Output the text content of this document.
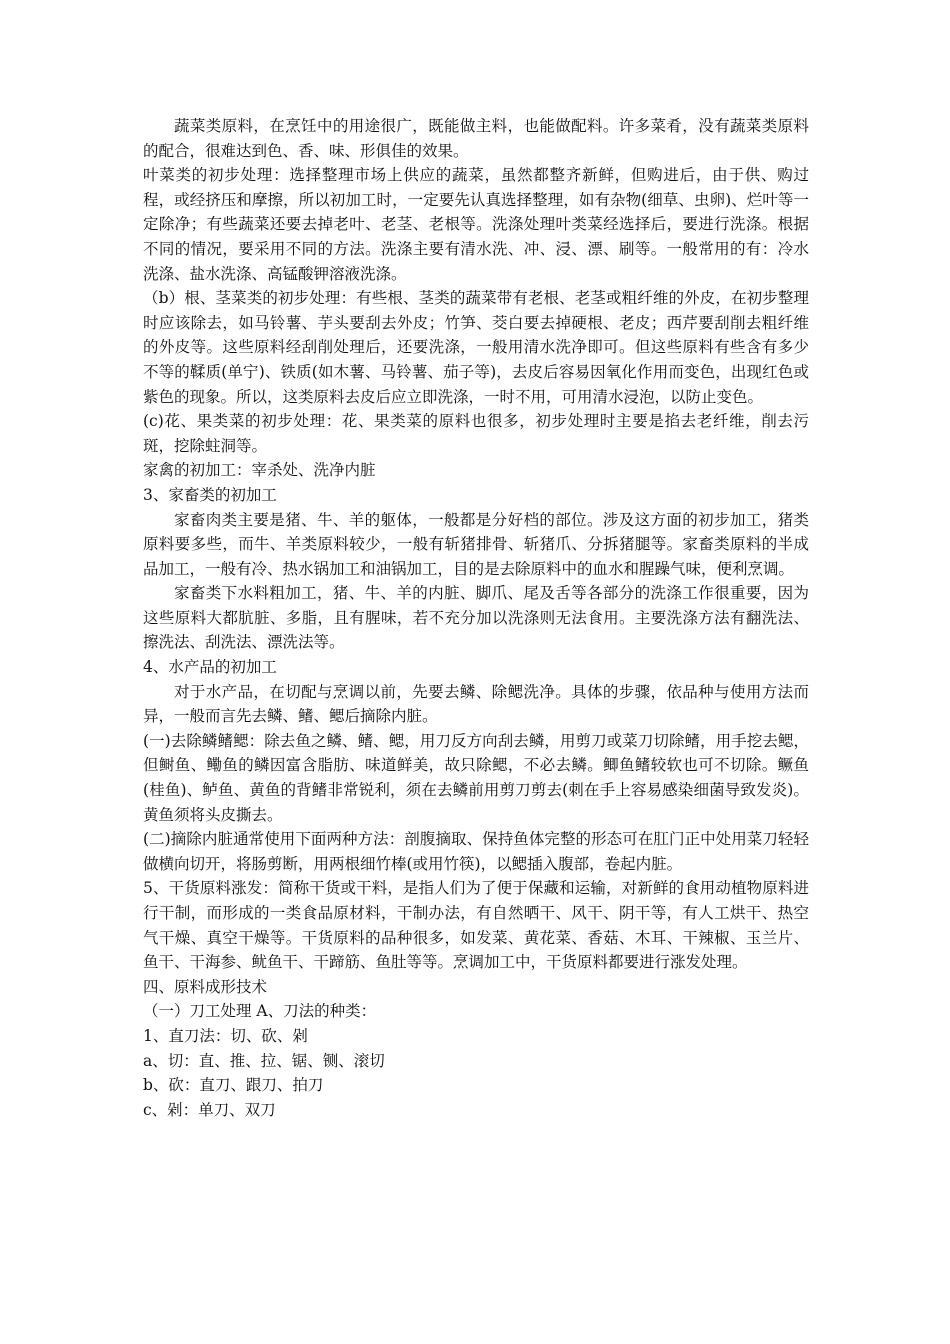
蔬菜类原料，在烹饪中的用途很广，既能做主料，也能做配料。许多菜肴，没有蔬菜类原料的配合，很难达到色、香、味、形俱佳的效果。

叶菜类的初步处理：选择整理市场上供应的蔬菜，虽然都整齐新鲜，但购进后，由于供、购过程，或经挤压和摩擦，所以初加工时，一定要先认真选择整理，如有杂物(细草、虫卵)、烂叶等一定除净；有些蔬菜还要去掉老叶、老茎、老根等。洗涤处理叶类菜经选择后，要进行洗涤。根据不同的情况，要采用不同的方法。洗涤主要有清水洗、冲、浸、漂、刷等。一般常用的有：冷水洗涤、盐水洗涤、高锰酸钾溶液洗涤。

（b）根、茎菜类的初步处理：有些根、茎类的蔬菜带有老根、老茎或粗纤维的外皮，在初步整理时应该除去，如马铃薯、芋头要刮去外皮；竹笋、茭白要去掉硬根、老皮；西芹要刮削去粗纤维的外皮等。这些原料经刮削处理后，还要洗涤，一般用清水洗净即可。但这些原料有些含有多少不等的鞣质(单宁)、铁质(如木薯、马铃薯、茄子等)，去皮后容易因氧化作用而变色，出现红色或紫色的现象。所以，这类原料去皮后应立即洗涤，一时不用，可用清水浸泡，以防止变色。

(c)花、果类菜的初步处理：花、果类菜的原料也很多，初步处理时主要是掐去老纤维，削去污斑，挖除蛀洞等。

家禽的初加工：宰杀处、洗净内脏

3、家畜类的初加工

家畜肉类主要是猪、牛、羊的躯体，一般都是分好档的部位。涉及这方面的初步加工，猪类原料要多些，而牛、羊类原料较少，一般有斩猪排骨、斩猪爪、分拆猪腿等。家畜类原料的半成品加工，一般有冷、热水锅加工和油锅加工，目的是去除原料中的血水和腥躁气味，便利烹调。

家畜类下水料粗加工，猪、牛、羊的内脏、脚爪、尾及舌等各部分的洗涤工作很重要，因为这些原料大都肮脏、多脂，且有腥味，若不充分加以洗涤则无法食用。主要洗涤方法有翻洗法、擦洗法、刮洗法、漂洗法等。

4、水产品的初加工

对于水产品，在切配与烹调以前，先要去鳞、除鳃洗净。具体的步骤，依品种与使用方法而异，一般而言先去鳞、鳍、鳃后摘除内脏。

(一)去除鳞鳍鳃：除去鱼之鳞、鳍、鳃，用刀反方向刮去鳞，用剪刀或菜刀切除鳍，用手挖去鳃，但鲥鱼、鳓鱼的鳞因富含脂肪、味道鲜美，故只除鳃，不必去鳞。鲫鱼鳍较软也可不切除。鳜鱼(桂鱼)、鲈鱼、黄鱼的背鳍非常锐利，须在去鳞前用剪刀剪去(刺在手上容易感染细菌导致发炎)。黄鱼须将头皮撕去。

(二)摘除内脏通常使用下面两种方法：剖腹摘取、保持鱼体完整的形态可在肛门正中处用菜刀轻轻做横向切开，将肠剪断，用两根细竹棒(或用竹筷)，以鳃插入腹部，卷起内脏。

5、干货原料涨发：简称干货或干料，是指人们为了便于保藏和运输，对新鲜的食用动植物原料进行干制，而形成的一类食品原材料，干制办法，有自然晒干、风干、阴干等，有人工烘干、热空气干燥、真空干燥等。干货原料的品种很多，如发菜、黄花菜、香菇、木耳、干辣椒、玉兰片、鱼干、干海参、鱿鱼干、干蹄筋、鱼肚等等。烹调加工中，干货原料都要进行涨发处理。

四、原料成形技术

（一）刀工处理 A、刀法的种类：

1、直刀法：切、砍、剁

a、切：直、推、拉、锯、铡、滚切

b、砍：直刀、跟刀、拍刀

c、剁：单刀、双刀
